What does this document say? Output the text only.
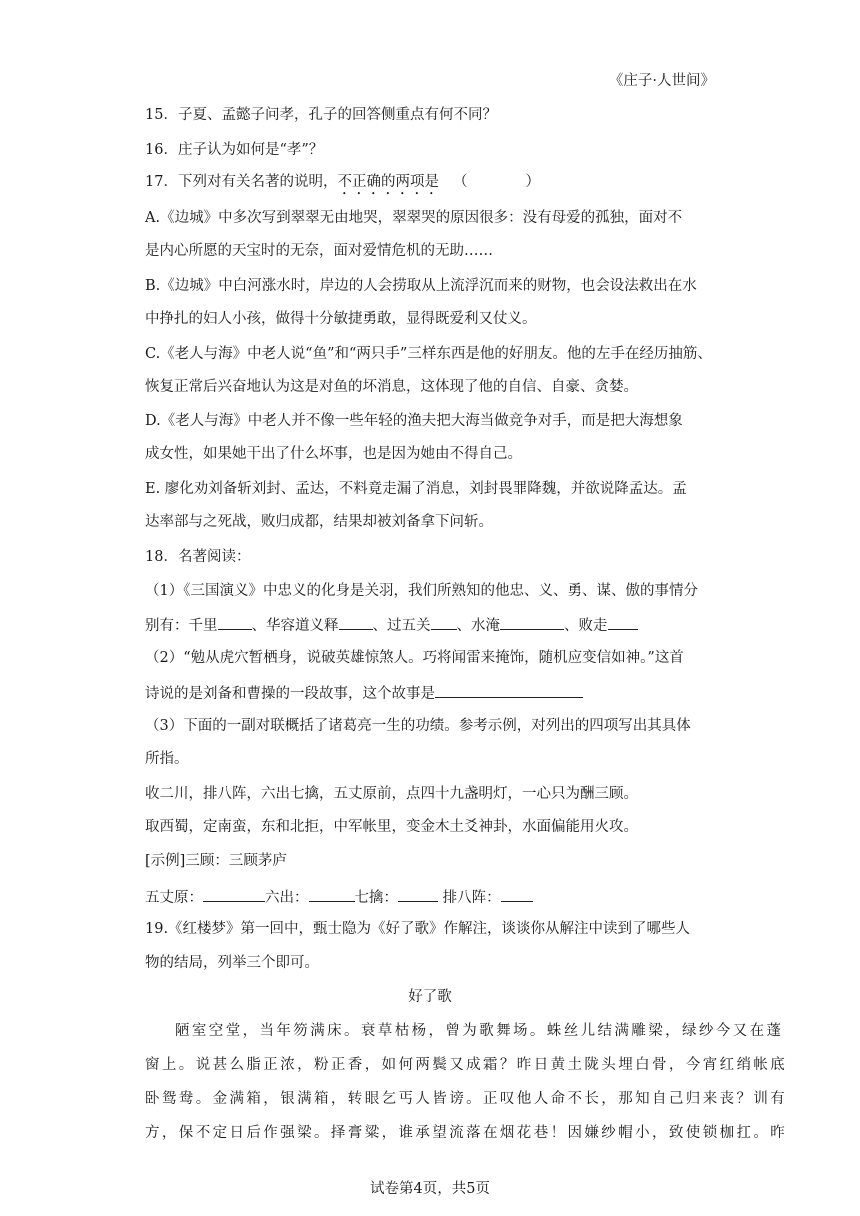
《庄子·人世间》
15．子夏、孟懿子问孝，孔子的回答侧重点有何不同？
16．庄子认为如何是“孝”？
17．下列对有关名著的说明，不正确的两项是 （　　　　）
A.《边城》中多次写到翠翠无由地哭，翠翠哭的原因很多：没有母爱的孤独，面对不
是内心所愿的天宝时的无奈，面对爱情危机的无助……
B.《边城》中白河涨水时，岸边的人会捞取从上流浮沉而来的财物，也会设法救出在水
中挣扎的妇人小孩，做得十分敏捷勇敢，显得既爱利又仗义。
C.《老人与海》中老人说“鱼”和“两只手”三样东西是他的好朋友。他的左手在经历抽筋、
恢复正常后兴奋地认为这是对鱼的坏消息，这体现了他的自信、自豪、贪婪。
D.《老人与海》中老人并不像一些年轻的渔夫把大海当做竞争对手，而是把大海想象
成女性，如果她干出了什么坏事，也是因为她由不得自己。
E. 廖化劝刘备斩刘封、孟达，不料竟走漏了消息，刘封畏罪降魏，并欲说降孟达。孟
达率部与之死战，败归成都，结果却被刘备拿下问斩。
18．名著阅读：
（1）《三国演义》中忠义的化身是关羽，我们所熟知的他忠、义、勇、谋、傲的事情分
别有：千里 、华容道义释 、过五关 、水淹	、败走
（2）“勉从虎穴暂栖身，说破英雄惊煞人。巧将闻雷来掩饰，随机应变信如神。”这首
诗说的是刘备和曹操的一段故事，这个故事是
（3）下面的一副对联概括了诸葛亮一生的功绩。参考示例，对列出的四项写出其具体
所指。
收二川，排八阵，六出七擒，五丈原前，点四十九盏明灯，一心只为酬三顾。
取西蜀，定南蛮，东和北拒，中军帐里，变金木土爻神卦，水面偏能用火攻。
[示例]三顾：三顾茅庐
五丈原：	六出：	七擒：	排八阵：
19.《红楼梦》第一回中，甄士隐为《好了歌》作解注，谈谈你从解注中读到了哪些人
物的结局，列举三个即可。
好了歌
陋室空堂，当年笏满床。衰草枯杨，曾为歌舞场。蛛丝儿结满雕梁，绿纱今又在蓬
窗上。说甚么脂正浓，粉正香，如何两鬓又成霜？昨日黄土陇头埋白骨，今宵红绡帐底
卧鸳鸯。金满箱，银满箱，转眼乞丐人皆谤。正叹他人命不长，那知自己归来丧？训有
方，保不定日后作强梁。择膏粱，谁承望流落在烟花巷！因嫌纱帽小，致使锁枷扛。昨
试卷第4页，共5页
